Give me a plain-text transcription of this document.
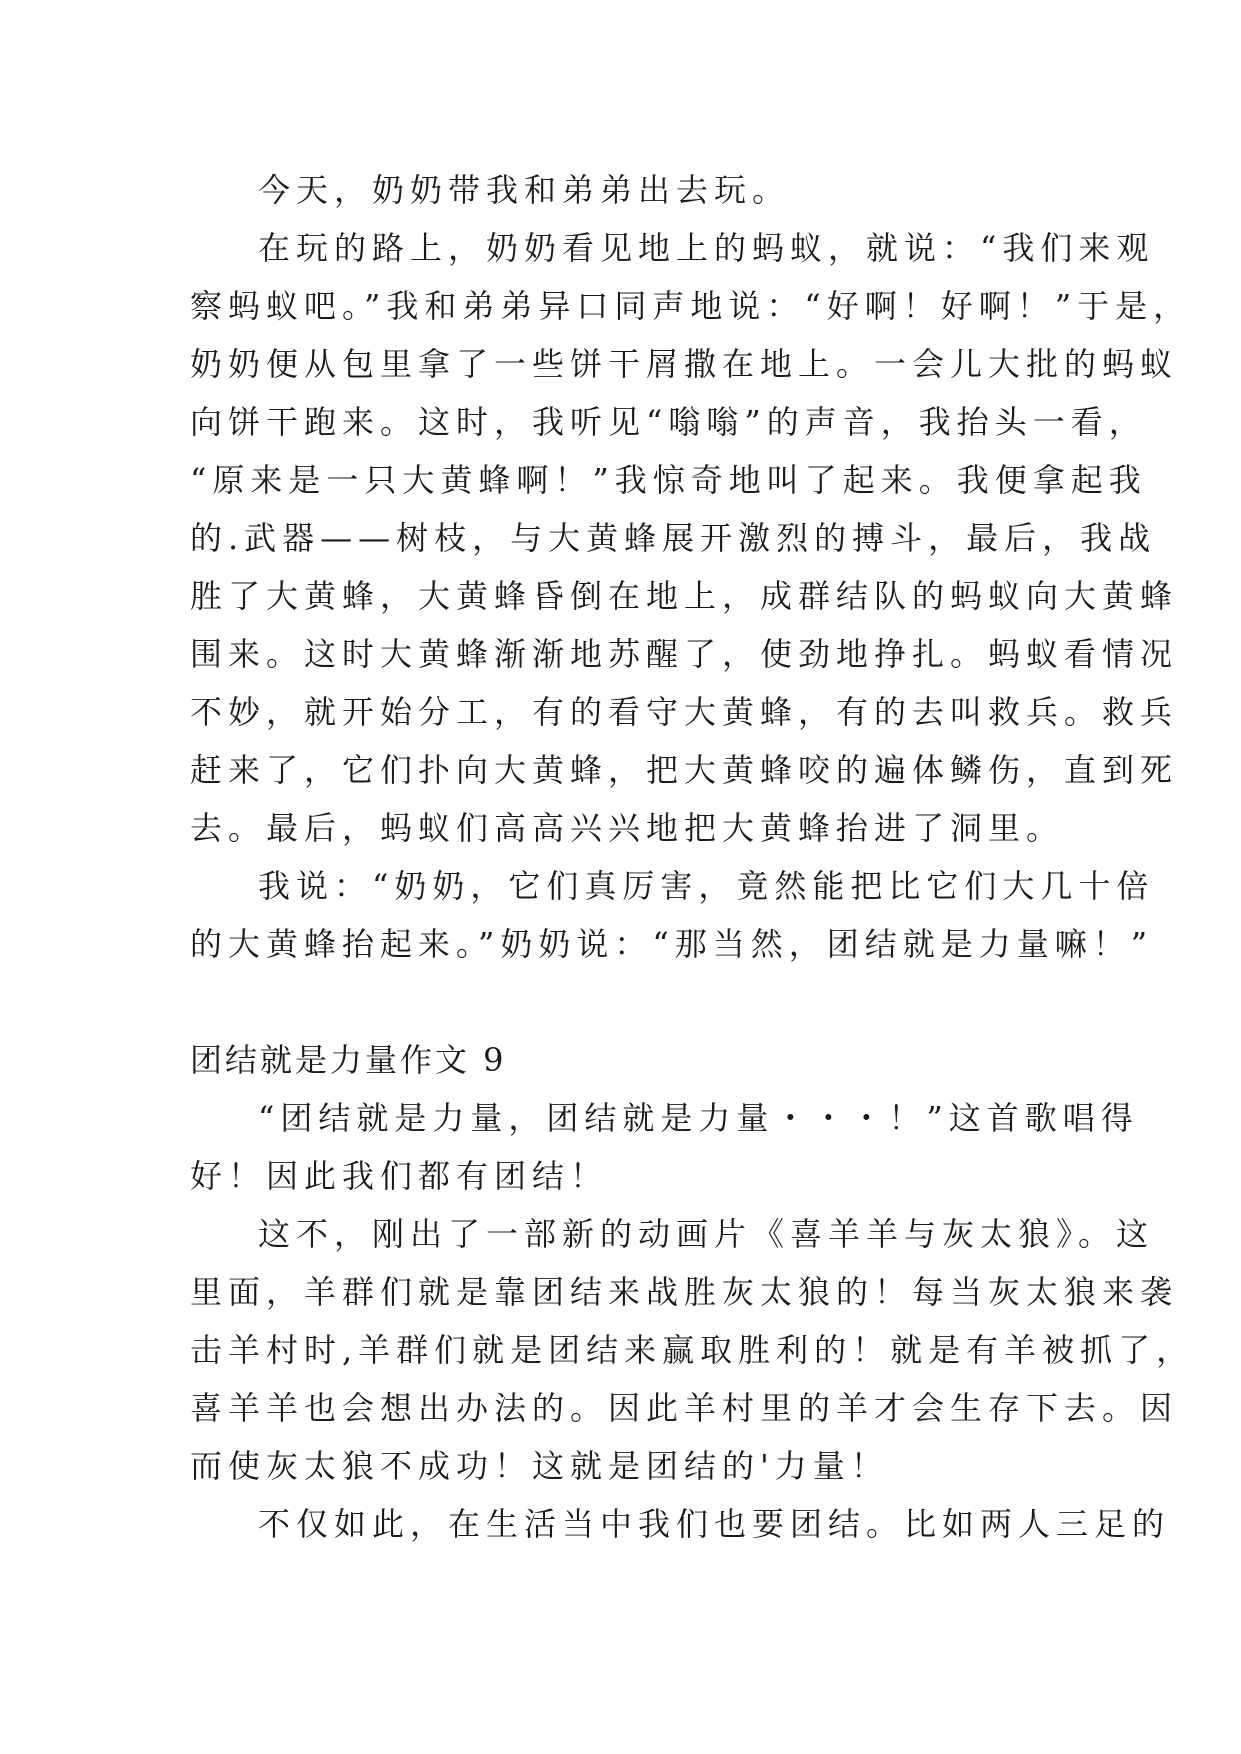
今天，奶奶带我和弟弟出去玩。

在玩的路上，奶奶看见地上的蚂蚁，就说：“我们来观

察蚂蚁吧。”我和弟弟异口同声地说：“好啊！好啊！”于是，

奶奶便从包里拿了一些饼干屑撒在地上。一会儿大批的蚂蚁

向饼干跑来。这时，我听见“嗡嗡”的声音，我抬头一看，

“原来是一只大黄蜂啊！”我惊奇地叫了起来。我便拿起我

的.武器——树枝，与大黄蜂展开激烈的搏斗，最后，我战

胜了大黄蜂，大黄蜂昏倒在地上，成群结队的蚂蚁向大黄蜂

围来。这时大黄蜂渐渐地苏醒了，使劲地挣扎。蚂蚁看情况

不妙，就开始分工，有的看守大黄蜂，有的去叫救兵。救兵

赶来了，它们扑向大黄蜂，把大黄蜂咬的遍体鳞伤，直到死

去。最后，蚂蚁们高高兴兴地把大黄蜂抬进了洞里。

我说：“奶奶，它们真厉害，竟然能把比它们大几十倍

的大黄蜂抬起来。”奶奶说：“那当然，团结就是力量嘛！”

团结就是力量作文 9

“团结就是力量，团结就是力量・・・！”这首歌唱得

好！因此我们都有团结！

这不，刚出了一部新的动画片《喜羊羊与灰太狼》。这

里面，羊群们就是靠团结来战胜灰太狼的！每当灰太狼来袭

击羊村时,羊群们就是团结来赢取胜利的！就是有羊被抓了，

喜羊羊也会想出办法的。因此羊村里的羊才会生存下去。因

而使灰太狼不成功！这就是团结的'力量！

不仅如此，在生活当中我们也要团结。比如两人三足的
